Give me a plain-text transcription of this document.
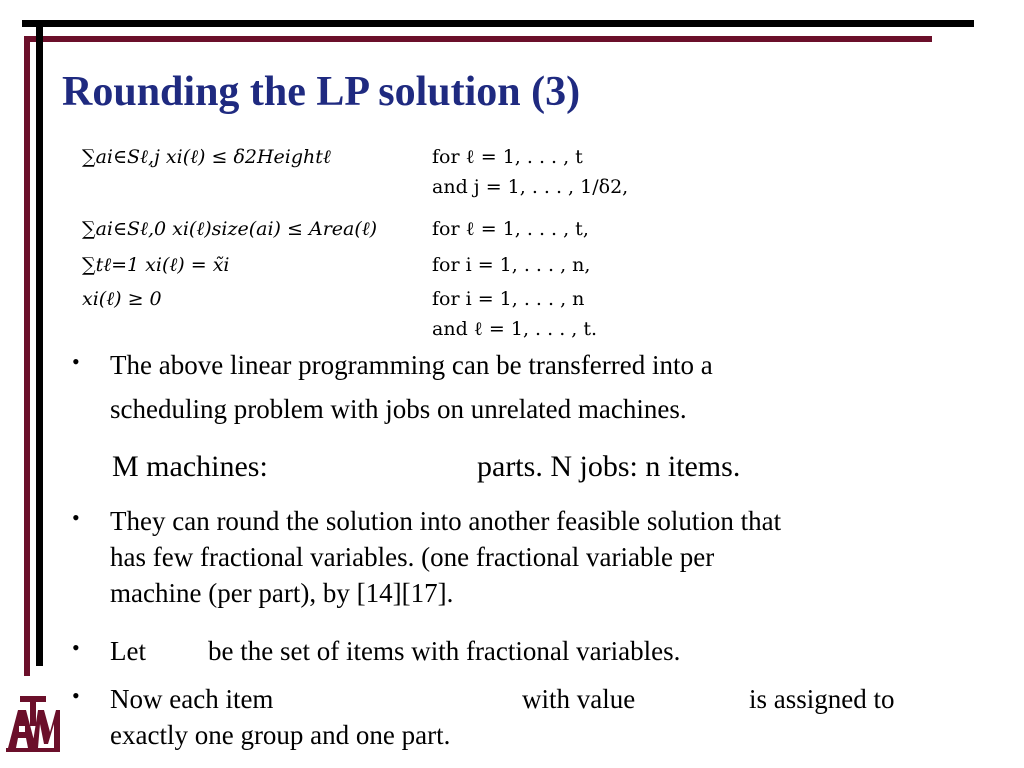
Rounding the LP solution (3)
∑ai∈Sℓ,j xi(ℓ) ≤ δ2Heightℓ	for ℓ = 1, . . . , t
and j = 1, . . . , 1/δ2,
∑ai∈Sℓ,0 xi(ℓ)size(ai) ≤ Area(ℓ)	for ℓ = 1, . . . , t,
∑tℓ=1 xi(ℓ) = x̃i	for i = 1, . . . , n,
xi(ℓ) ≥ 0	for i = 1, . . . , n
and ℓ = 1, . . . , t.
• The above linear programming can be transferred into a
scheduling problem with jobs on unrelated machines.
M machines:	parts. N jobs: n items.
• They can round the solution into another feasible solution that
has few fractional variables. (one fractional variable per
machine (per part), by [14][17].
• Let be the set of items with fractional variables.
• Now each item	with value	is assigned to
exactly one group and one part.
